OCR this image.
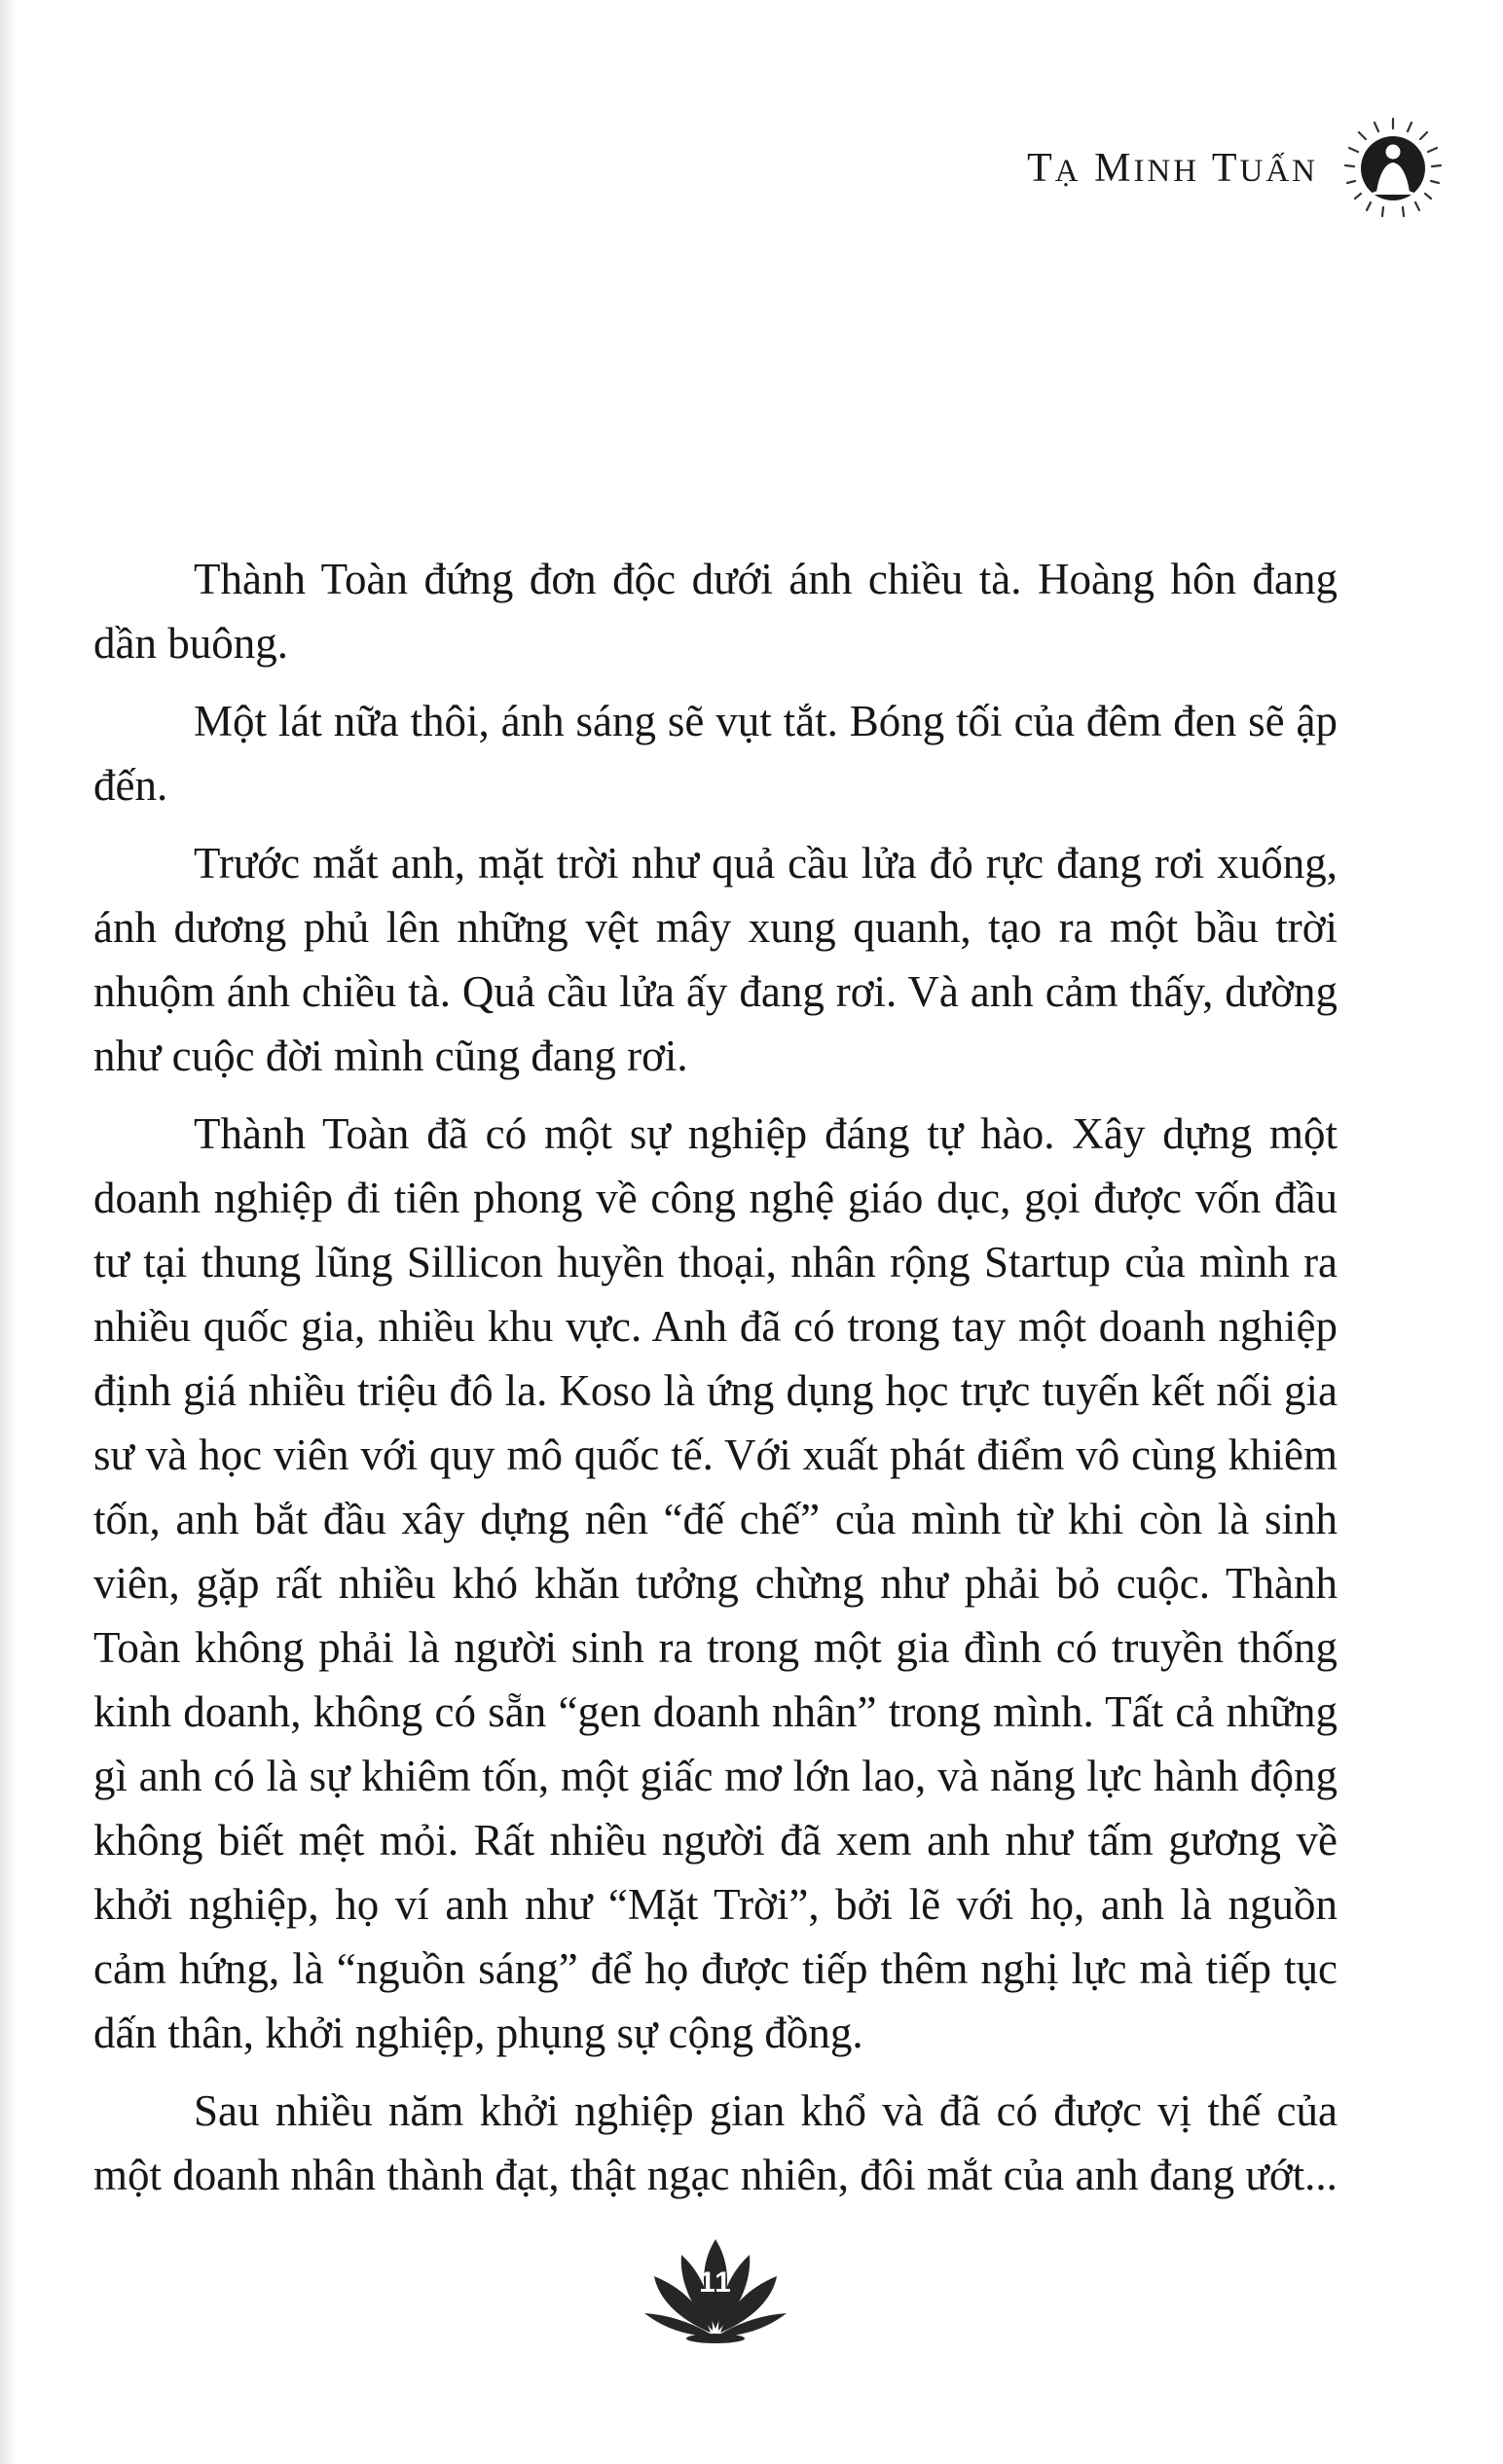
TẠ MINH TUẤN

Thành Toàn đứng đơn độc dưới ánh chiều tà. Hoàng hôn đang dần buông.

Một lát nữa thôi, ánh sáng sẽ vụt tắt. Bóng tối của đêm đen sẽ ập đến.

Trước mắt anh, mặt trời như quả cầu lửa đỏ rực đang rơi xuống, ánh dương phủ lên những vệt mây xung quanh, tạo ra một bầu trời nhuộm ánh chiều tà. Quả cầu lửa ấy đang rơi. Và anh cảm thấy, dường như cuộc đời mình cũng đang rơi.

Thành Toàn đã có một sự nghiệp đáng tự hào. Xây dựng một doanh nghiệp đi tiên phong về công nghệ giáo dục, gọi được vốn đầu tư tại thung lũng Sillicon huyền thoại, nhân rộng Startup của mình ra nhiều quốc gia, nhiều khu vực. Anh đã có trong tay một doanh nghiệp định giá nhiều triệu đô la. Koso là ứng dụng học trực tuyến kết nối gia sư và học viên với quy mô quốc tế. Với xuất phát điểm vô cùng khiêm tốn, anh bắt đầu xây dựng nên “đế chế” của mình từ khi còn là sinh viên, gặp rất nhiều khó khăn tưởng chừng như phải bỏ cuộc. Thành Toàn không phải là người sinh ra trong một gia đình có truyền thống kinh doanh, không có sẵn “gen doanh nhân” trong mình. Tất cả những gì anh có là sự khiêm tốn, một giấc mơ lớn lao, và năng lực hành động không biết mệt mỏi. Rất nhiều người đã xem anh như tấm gương về khởi nghiệp, họ ví anh như “Mặt Trời”, bởi lẽ với họ, anh là nguồn cảm hứng, là “nguồn sáng” để họ được tiếp thêm nghị lực mà tiếp tục dấn thân, khởi nghiệp, phụng sự cộng đồng.

Sau nhiều năm khởi nghiệp gian khổ và đã có được vị thế của một doanh nhân thành đạt, thật ngạc nhiên, đôi mắt của anh đang ướt...

11
